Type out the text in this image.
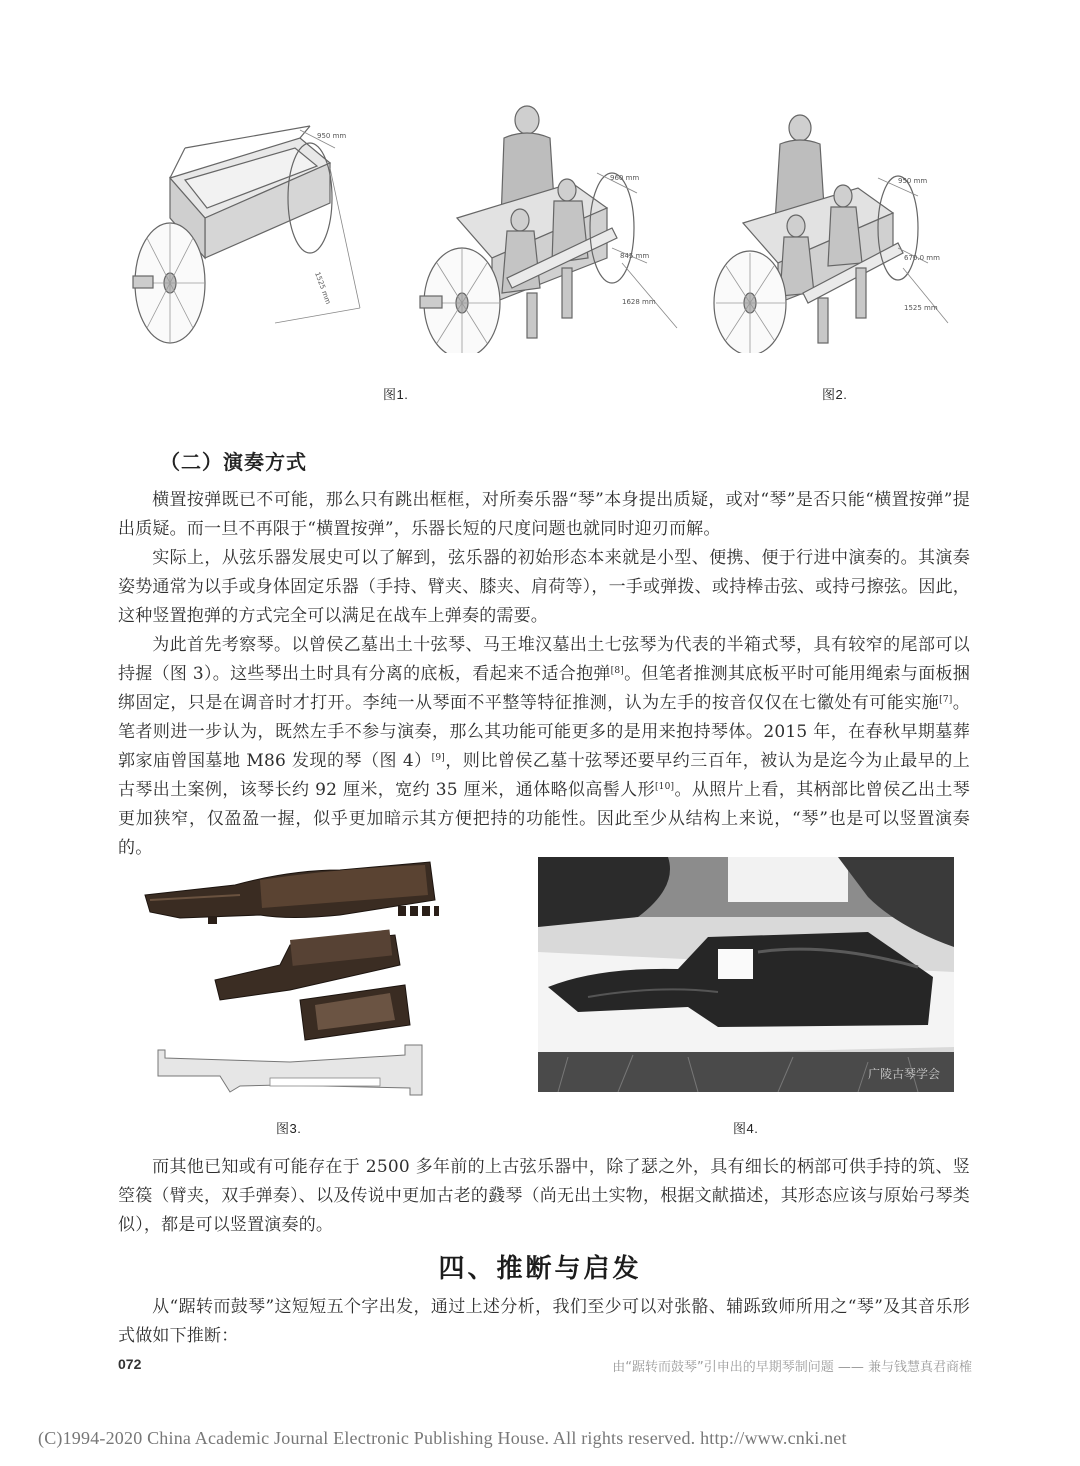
950 mm
1525 mm
960 mm
845 mm
1628 mm
950 mm
670.0 mm
1525 mm
图1.	图2.
（二）演奏方式
横置按弹既已不可能，那么只有跳出框框，对所奏乐器“琴”本身提出质疑，或对“琴”是否只能“横置按弹”提出质疑。而一旦不再限于“横置按弹”，乐器长短的尺度问题也就同时迎刃而解。
实际上，从弦乐器发展史可以了解到，弦乐器的初始形态本来就是小型、便携、便于行进中演奏的。其演奏姿势通常为以手或身体固定乐器（手持、臂夹、膝夹、肩荷等），一手或弹拨、或持棒击弦、或持弓擦弦。因此，这种竖置抱弹的方式完全可以满足在战车上弹奏的需要。
为此首先考察琴。以曾侯乙墓出土十弦琴、马王堆汉墓出土七弦琴为代表的半箱式琴，具有较窄的尾部可以持握（图 3）。这些琴出土时具有分离的底板，看起来不适合抱弹[8]。但笔者推测其底板平时可能用绳索与面板捆绑固定，只是在调音时才打开。李纯一从琴面不平整等特征推测，认为左手的按音仅仅在七徽处有可能实施[7]。笔者则进一步认为，既然左手不参与演奏，那么其功能可能更多的是用来抱持琴体。2015 年，在春秋早期墓葬郭家庙曾国墓地 M86 发现的琴（图 4）[9]，则比曾侯乙墓十弦琴还要早约三百年，被认为是迄今为止最早的上古琴出土案例，该琴长约 92 厘米，宽约 35 厘米，通体略似高髻人形[10]。从照片上看，其柄部比曾侯乙出土琴更加狭窄，仅盈盈一握，似乎更加暗示其方便把持的功能性。因此至少从结构上来说，“琴”也是可以竖置演奏的。
广陵古琴学会
图3.	图4.
而其他已知或有可能存在于 2500 多年前的上古弦乐器中，除了瑟之外，具有细长的柄部可供手持的筑、竖箜篌（臂夹，双手弹奏）、以及传说中更加古老的鼗琴（尚无出土实物，根据文献描述，其形态应该与原始弓琴类似），都是可以竖置演奏的。
四、推断与启发
从“踞转而鼓琴”这短短五个字出发，通过上述分析，我们至少可以对张骼、辅跞致师所用之“琴”及其音乐形式做如下推断：
072	由“踞转而鼓琴”引申出的早期琴制问题 —— 兼与钱慧真君商榷
(C)1994-2020 China Academic Journal Electronic Publishing House. All rights reserved. http://www.cnki.net
